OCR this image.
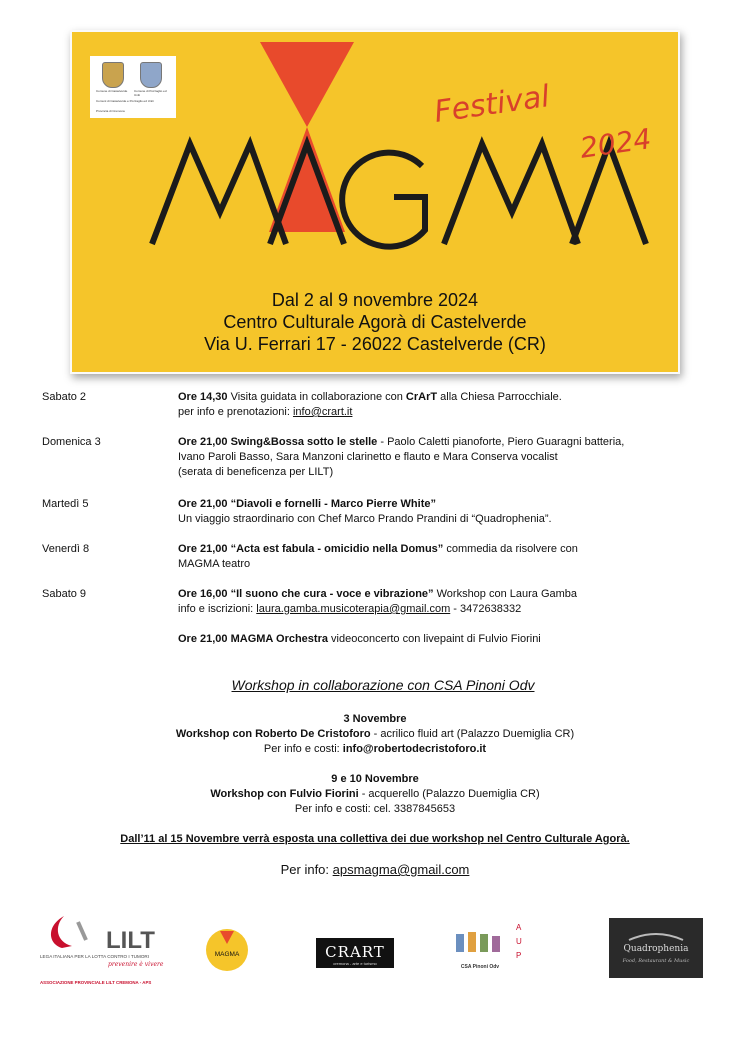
Comune di Castelverde	Comune di Pozzaglio ed Uniti
Comuni di Castelverde e Pozzaglio ed Uniti
Provincia di Cremona	Festival
2024
Dal 2 al 9 novembre 2024
Centro Culturale Agorà di Castelverde
Via U. Ferrari 17 - 26022 Castelverde (CR)
Sabato 2	Ore 14,30 Visita guidata in collaborazione con CrArT alla Chiesa Parrocchiale.
per info e prenotazioni: info@crart.it
Domenica 3	Ore 21,00 Swing&Bossa sotto le stelle - Paolo Caletti pianoforte, Piero Guaragni batteria,
Ivano Paroli Basso, Sara Manzoni clarinetto e flauto e Mara Conserva vocalist
(serata di beneficenza per LILT)
Martedì 5	Ore 21,00 “Diavoli e fornelli - Marco Pierre White”
Un viaggio straordinario con Chef Marco Prando Prandini di “Quadrophenia”.
Venerdì 8	Ore 21,00 “Acta est fabula - omicidio nella Domus” commedia da risolvere con
MAGMA teatro
Sabato 9	Ore 16,00 “Il suono che cura - voce e vibrazione” Workshop con Laura Gamba
info e iscrizioni: laura.gamba.musicoterapia@gmail.com - 3472638332
Ore 21,00 MAGMA Orchestra videoconcerto con livepaint di Fulvio Fiorini
Workshop in collaborazione con CSA Pinoni Odv
3 Novembre
Workshop con Roberto De Cristoforo - acrilico fluid art (Palazzo Duemiglia CR)
Per info e costi: info@robertodecristoforo.it
9 e 10 Novembre
Workshop con Fulvio Fiorini - acquerello (Palazzo Duemiglia CR)
Per info e costi: cel. 3387845653
Dall’11 al 15 Novembre verrà esposta una collettiva dei due workshop nel Centro Culturale Agorà.
Per info: apsmagma@gmail.com
LILT
LEGA ITALIANA PER LA LOTTA CONTRO I TUMORI
prevenire è vivere
ASSOCIAZIONE PROVINCIALE LILT CREMONA - APS
MAGMA	CRART
cremona - arte e turismo
A
U
P
CSA Pinoni Odv
Quadrophenia
Food, Restaurant & Music
